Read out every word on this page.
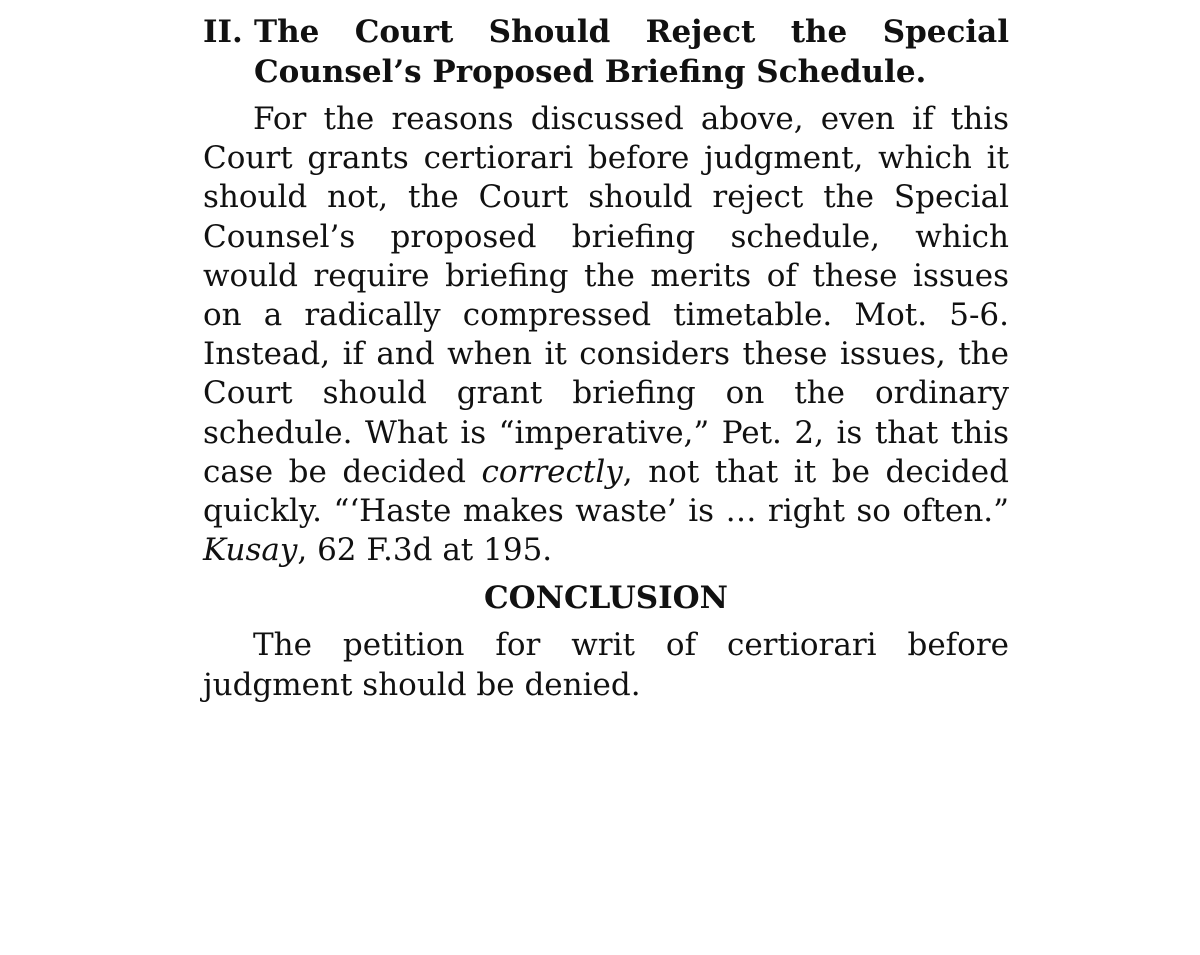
II. The Court Should Reject the Special Counsel’s Proposed Briefing Schedule.

For the reasons discussed above, even if this Court grants certiorari before judgment, which it should not, the Court should reject the Special Counsel’s proposed briefing schedule, which would require briefing the merits of these issues on a radically compressed timetable. Mot. 5-6. Instead, if and when it considers these issues, the Court should grant briefing on the ordinary schedule. What is “imperative,” Pet. 2, is that this case be decided correctly, not that it be decided quickly. “‘Haste makes waste’ is … right so often.” Kusay, 62 F.3d at 195.

CONCLUSION

The petition for writ of certiorari before judgment should be denied.
